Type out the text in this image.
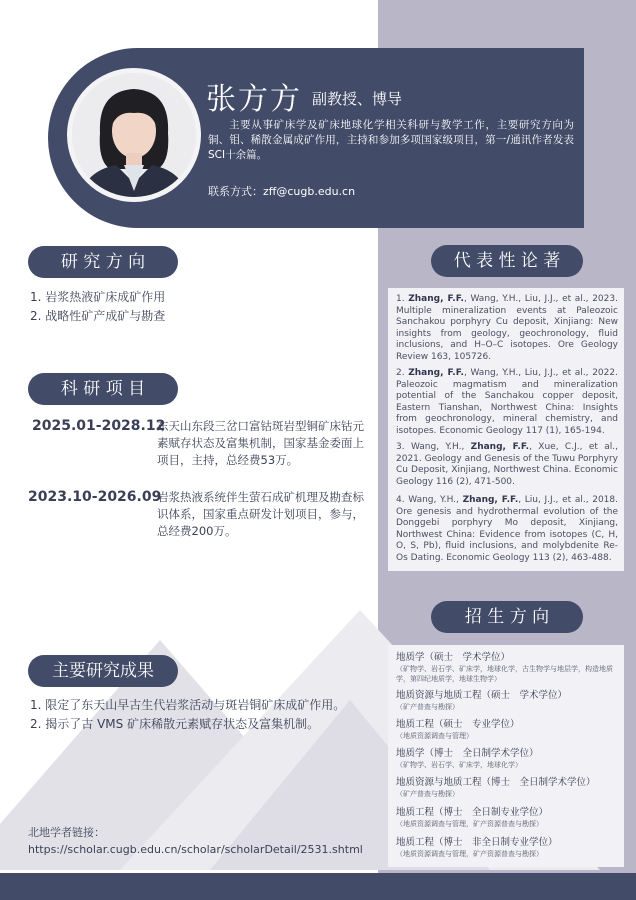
张方方 副教授、博导
主要从事矿床学及矿床地球化学相关科研与教学工作，主要研究方向为铜、钼、稀散金属成矿作用，主持和参加多项国家级项目，第一/通讯作者发表SCI十余篇。
联系方式：zff@cugb.edu.cn
研 究 方 向
1. 岩浆热液矿床成矿作用
2. 战略性矿产成矿与勘查
科 研 项 目
2025.01-2028.12
东天山东段三岔口富钴斑岩型铜矿床钴元素赋存状态及富集机制，国家基金委面上项目，主持，总经费53万。
2023.10-2026.09
岩浆热液系统伴生萤石成矿机理及勘查标识体系，国家重点研发计划项目，参与，总经费200万。
主要研究成果
1. 限定了东天山早古生代岩浆活动与斑岩铜矿床成矿作用。
2. 揭示了古 VMS 矿床稀散元素赋存状态及富集机制。
北地学者链接：
https://scholar.cugb.edu.cn/scholar/scholarDetail/2531.shtml
代 表 性 论 著
1. Zhang, F.F., Wang, Y.H., Liu, J.J., et al., 2023. Multiple mineralization events at Paleozoic Sanchakou porphyry Cu deposit, Xinjiang: New insights from geology, geochronology, fluid inclusions, and H–O–C isotopes. Ore Geology Review 163, 105726.
2. Zhang, F.F., Wang, Y.H., Liu, J.J., et al., 2022. Paleozoic magmatism and mineralization potential of the Sanchakou copper deposit, Eastern Tianshan, Northwest China: Insights from geochronology, mineral chemistry, and isotopes. Economic Geology 117 (1), 165-194.
3. Wang, Y.H., Zhang, F.F., Xue, C.J., et al., 2021. Geology and Genesis of the Tuwu Porphyry Cu Deposit, Xinjiang, Northwest China. Economic Geology 116 (2), 471-500.
4. Wang, Y.H., Zhang, F.F., Liu, J.J., et al., 2018. Ore genesis and hydrothermal evolution of the Donggebi porphyry Mo deposit, Xinjiang, Northwest China: Evidence from isotopes (C, H, O, S, Pb), fluid inclusions, and molybdenite Re-Os Dating. Economic Geology 113 (2), 463-488.
招 生 方 向
地质学（硕士　学术学位）
（矿物学、岩石学、矿床学，地球化学，古生物学与地层学，构造地质学，第四纪地质学，地球生物学）
地质资源与地质工程（硕士　学术学位）
（矿产普查与勘探）
地质工程（硕士　专业学位）
（地质资源调查与管理）
地质学（博士　全日制学术学位）
（矿物学、岩石学、矿床学，地球化学）
地质资源与地质工程（博士　全日制学术学位）
（矿产普查与勘探）
地质工程（博士　全日制专业学位）
（地质资源调查与管理，矿产资源普查与勘探）
地质工程（博士　非全日制专业学位）
（地质资源调查与管理，矿产资源普查与勘探）
